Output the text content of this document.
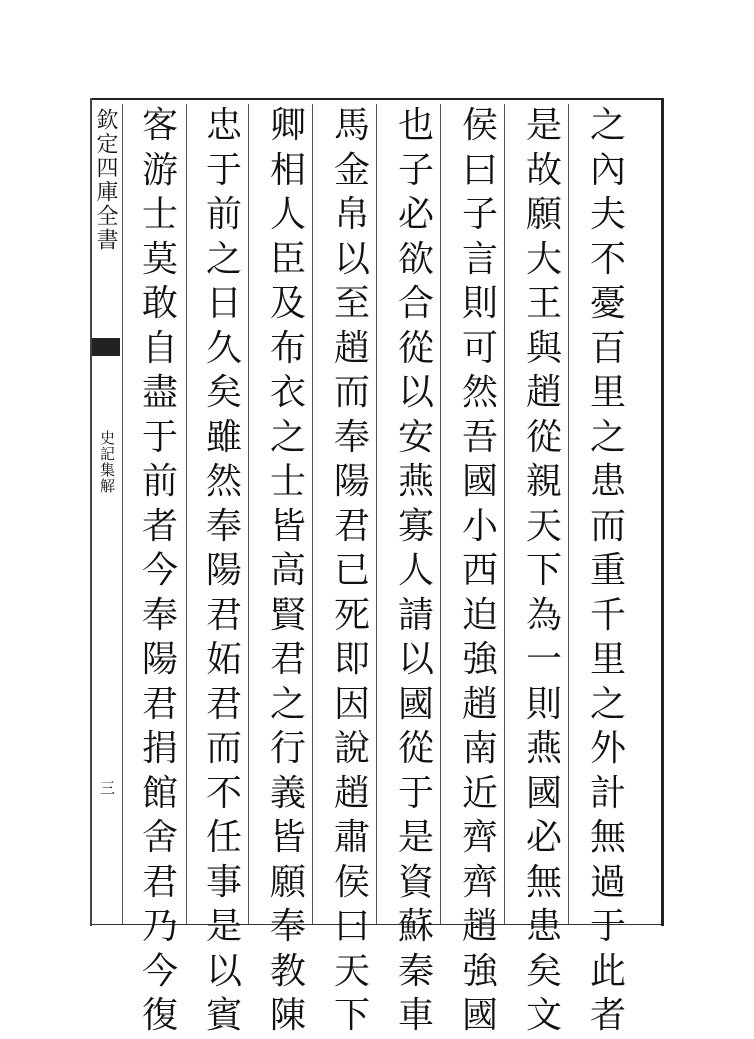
欽定四庫全書
史記集解
三
之
內
夫
不
憂
百
里
之
患
而
重
千
里
之
外
計
無
過
于
此
者
是
故
願
大
王
與
趙
從
親
天
下
為
一
則
燕
國
必
無
患
矣
文
侯
曰
子
言
則
可
然
吾
國
小
西
迫
強
趙
南
近
齊
齊
趙
強
國
也
子
必
欲
合
從
以
安
燕
寡
人
請
以
國
從
于
是
資
蘇
秦
車
馬
金
帛
以
至
趙
而
奉
陽
君
已
死
即
因
說
趙
肅
侯
曰
天
下
卿
相
人
臣
及
布
衣
之
士
皆
高
賢
君
之
行
義
皆
願
奉
教
陳
忠
于
前
之
日
久
矣
雖
然
奉
陽
君
妬
君
而
不
任
事
是
以
賓
客
游
士
莫
敢
自
盡
于
前
者
今
奉
陽
君
捐
館
舍
君
乃
今
復
